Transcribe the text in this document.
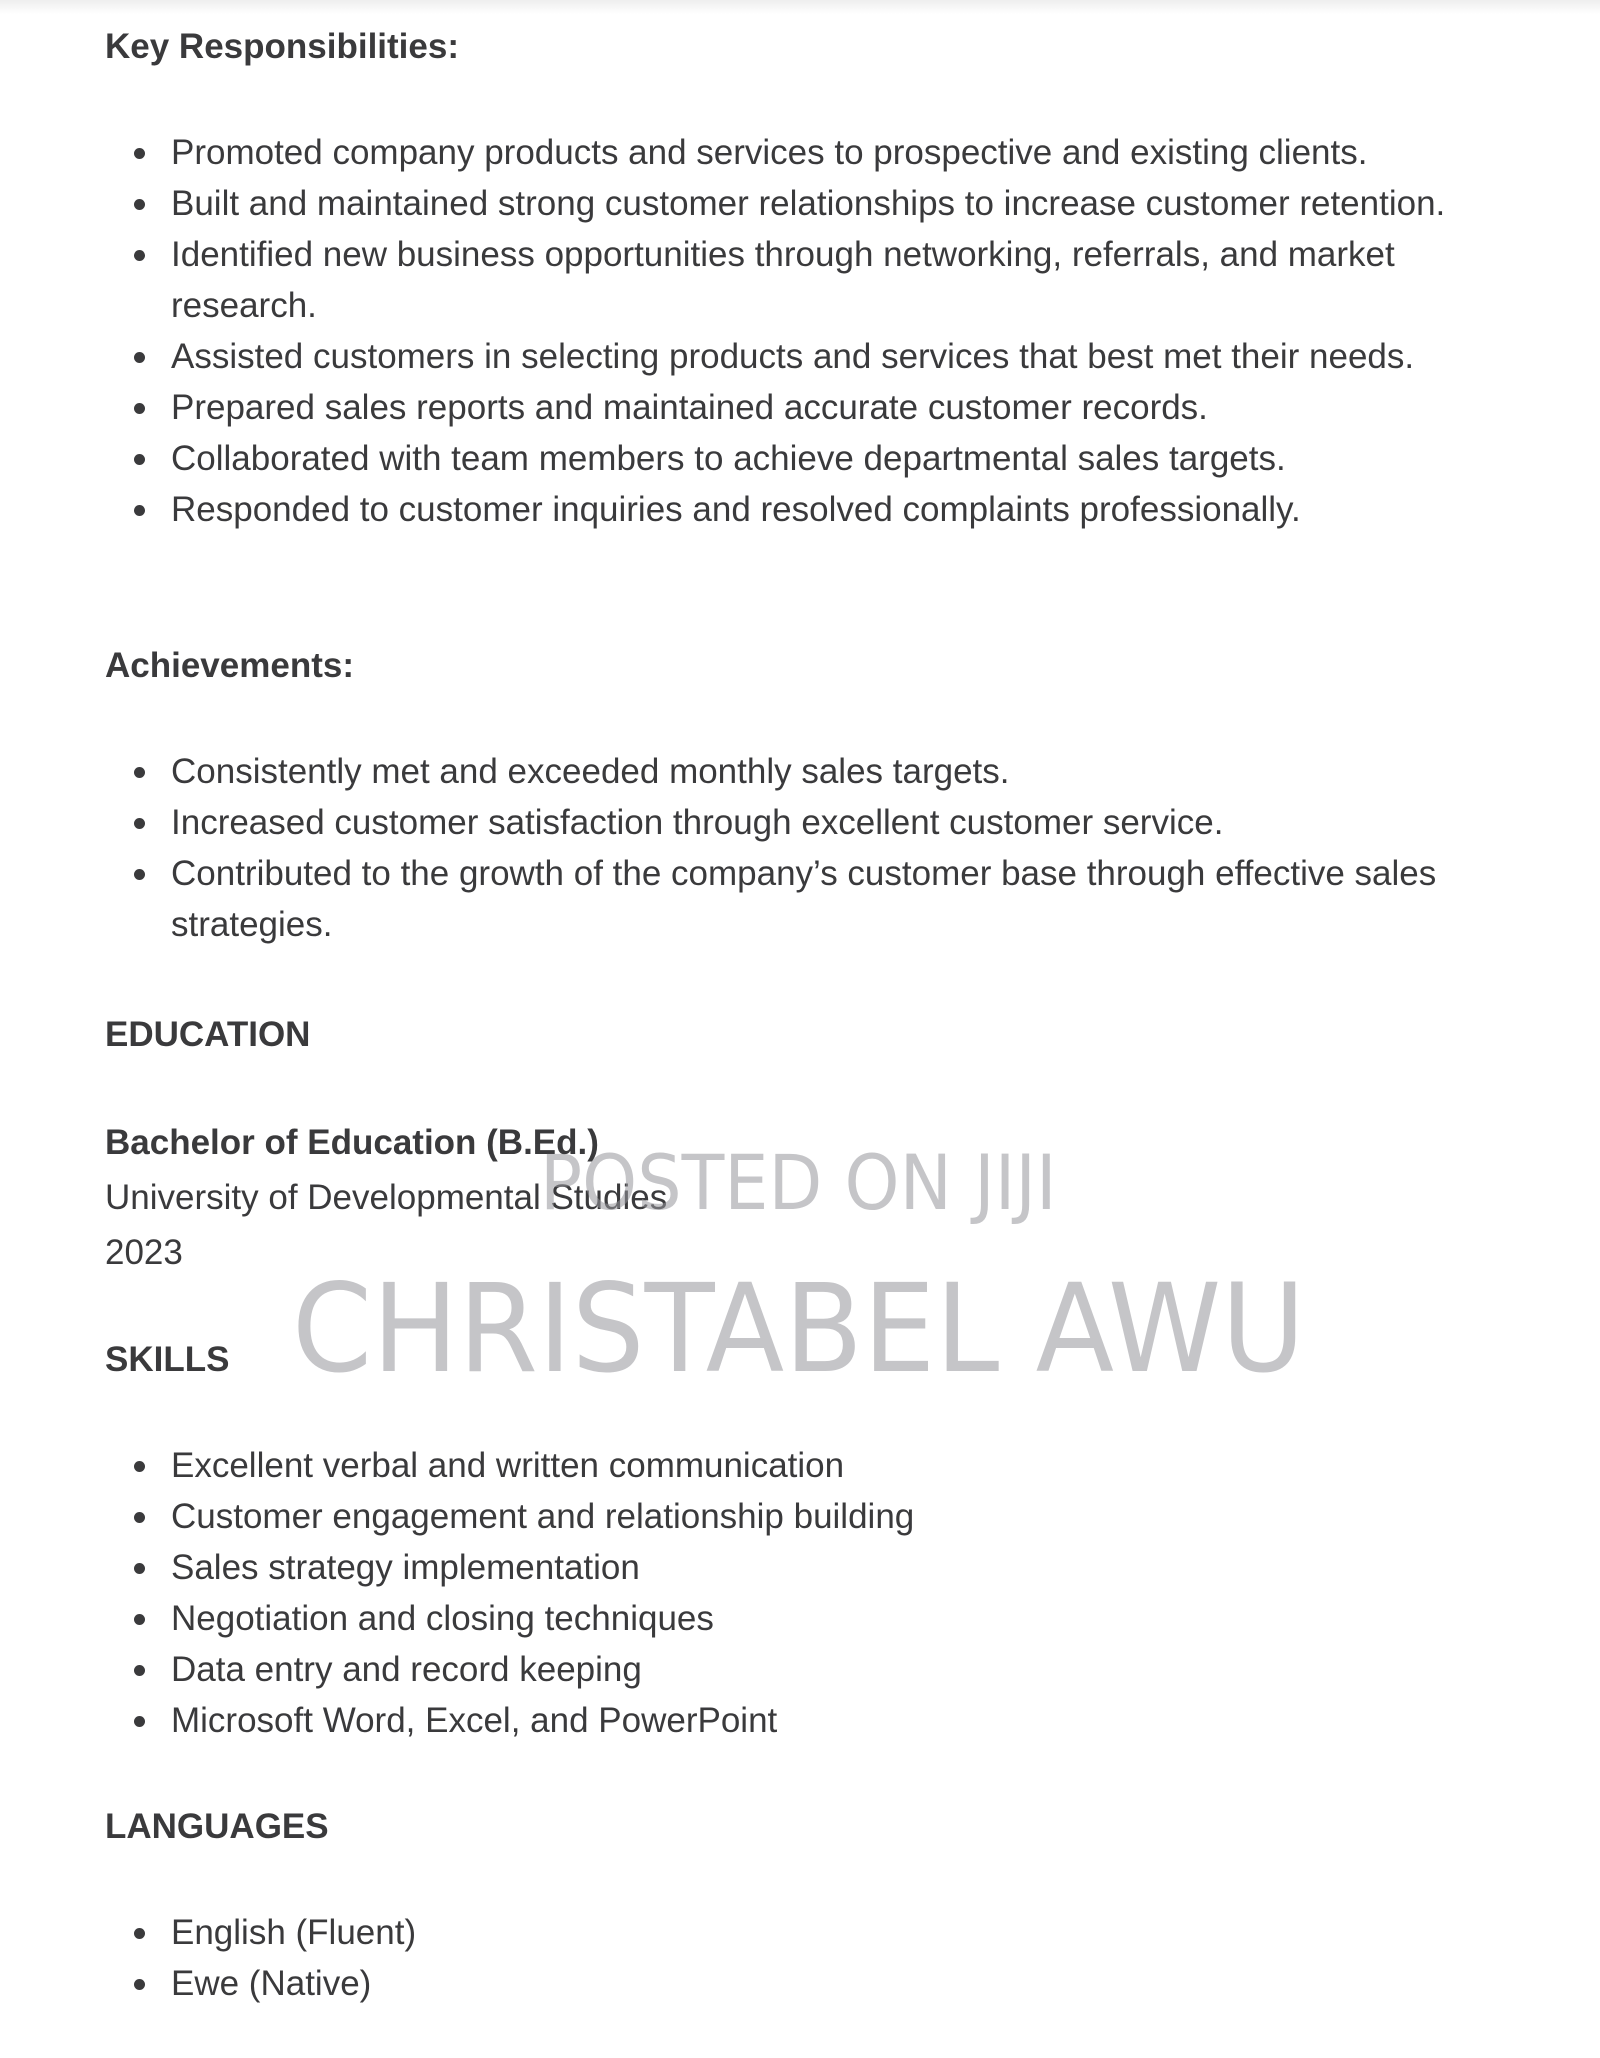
Key Responsibilities:
Promoted company products and services to prospective and existing clients.
Built and maintained strong customer relationships to increase customer retention.
Identified new business opportunities through networking, referrals, and market research.
Assisted customers in selecting products and services that best met their needs.
Prepared sales reports and maintained accurate customer records.
Collaborated with team members to achieve departmental sales targets.
Responded to customer inquiries and resolved complaints professionally.
Achievements:
Consistently met and exceeded monthly sales targets.
Increased customer satisfaction through excellent customer service.
Contributed to the growth of the company’s customer base through effective sales strategies.
EDUCATION

Bachelor of Education (B.Ed.)

University of Developmental Studies

2023

SKILLS
Excellent verbal and written communication
Customer engagement and relationship building
Sales strategy implementation
Negotiation and closing techniques
Data entry and record keeping
Microsoft Word, Excel, and PowerPoint
LANGUAGES
English (Fluent)
Ewe (Native)
POSTED ON JIJI
CHRISTABEL AWU
